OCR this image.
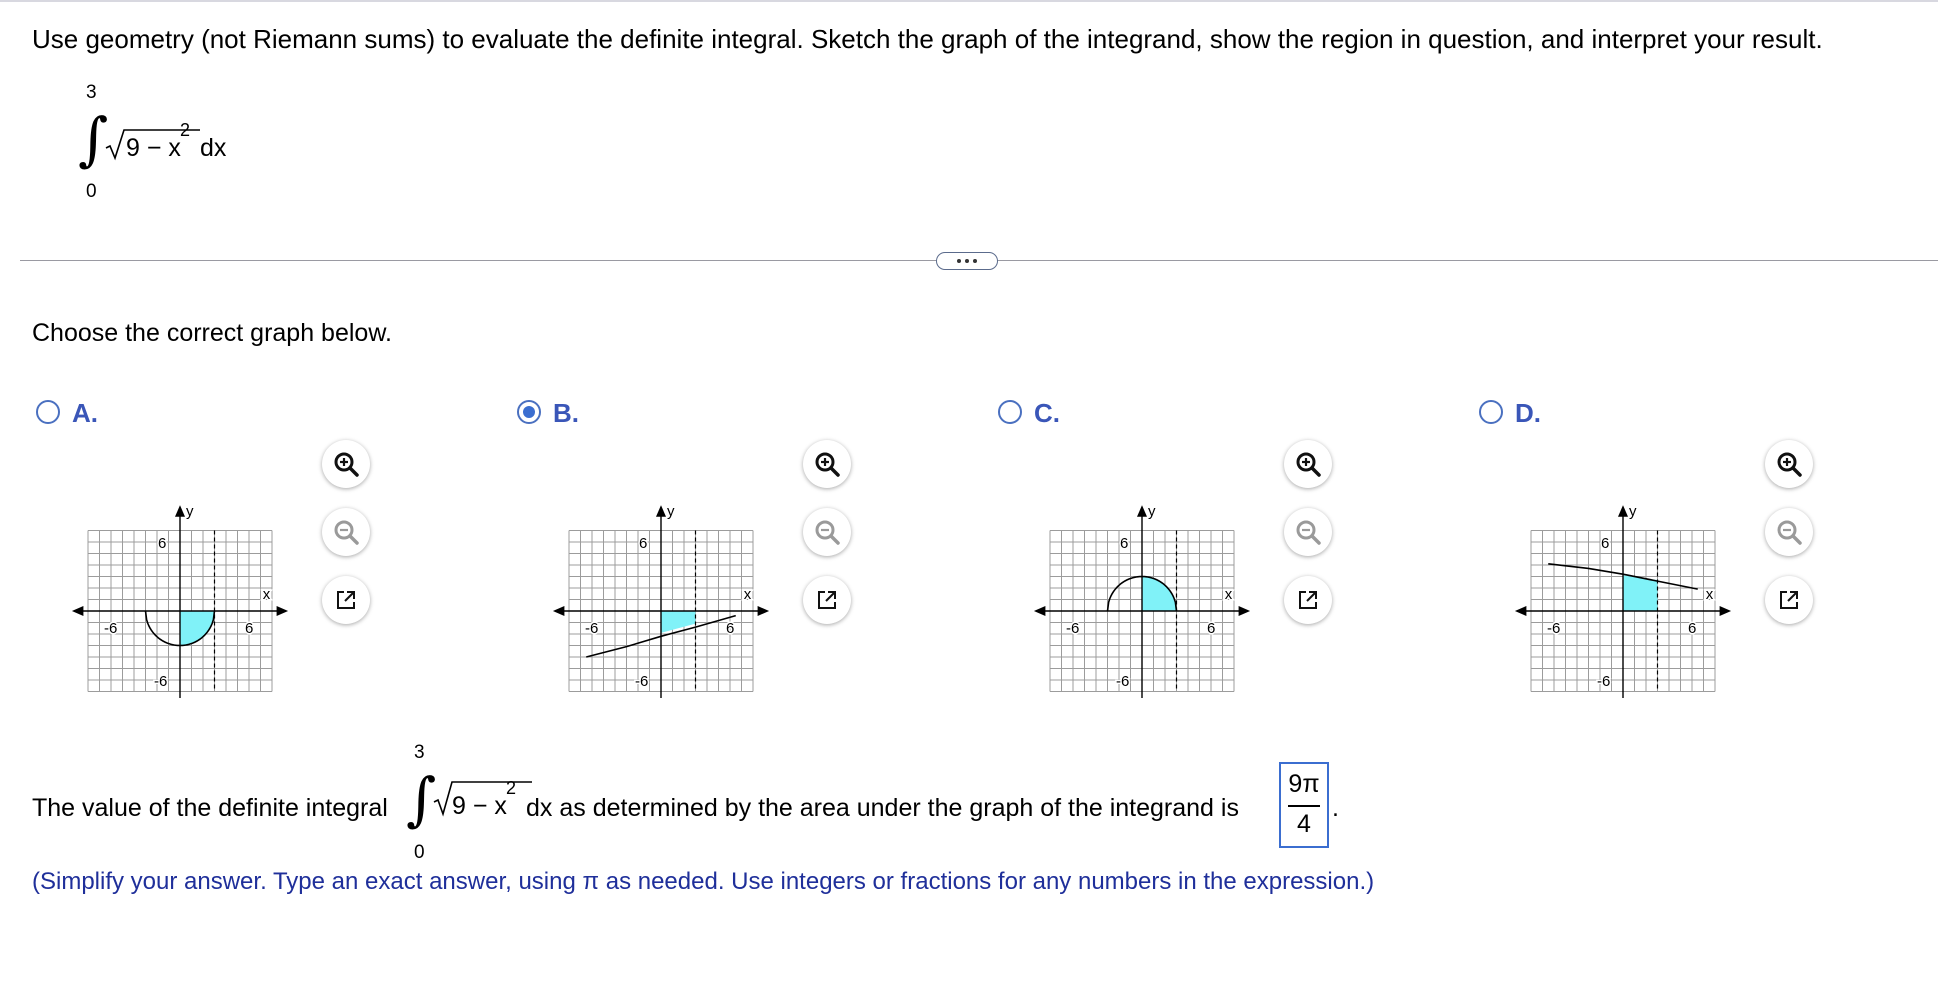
Use geometry (not Riemann sums) to evaluate the definite integral. Sketch the graph of the integrand, show the region in question, and interpret your result.
3
∫ 9 − x
2
dx
0
Choose the correct graph below.
A.
y
x
6
-6
-6	6
B.
y
x
6
-6
-6	6
C.
y
x
6
-6
-6	6
D.
y
x
6
-6
-6	6
The value of the definite integral
3
∫ 9 − x
2
0
dx as determined by the area under the graph of the integrand is
9π
4
.
(Simplify your answer. Type an exact answer, using π as needed. Use integers or fractions for any numbers in the expression.)
